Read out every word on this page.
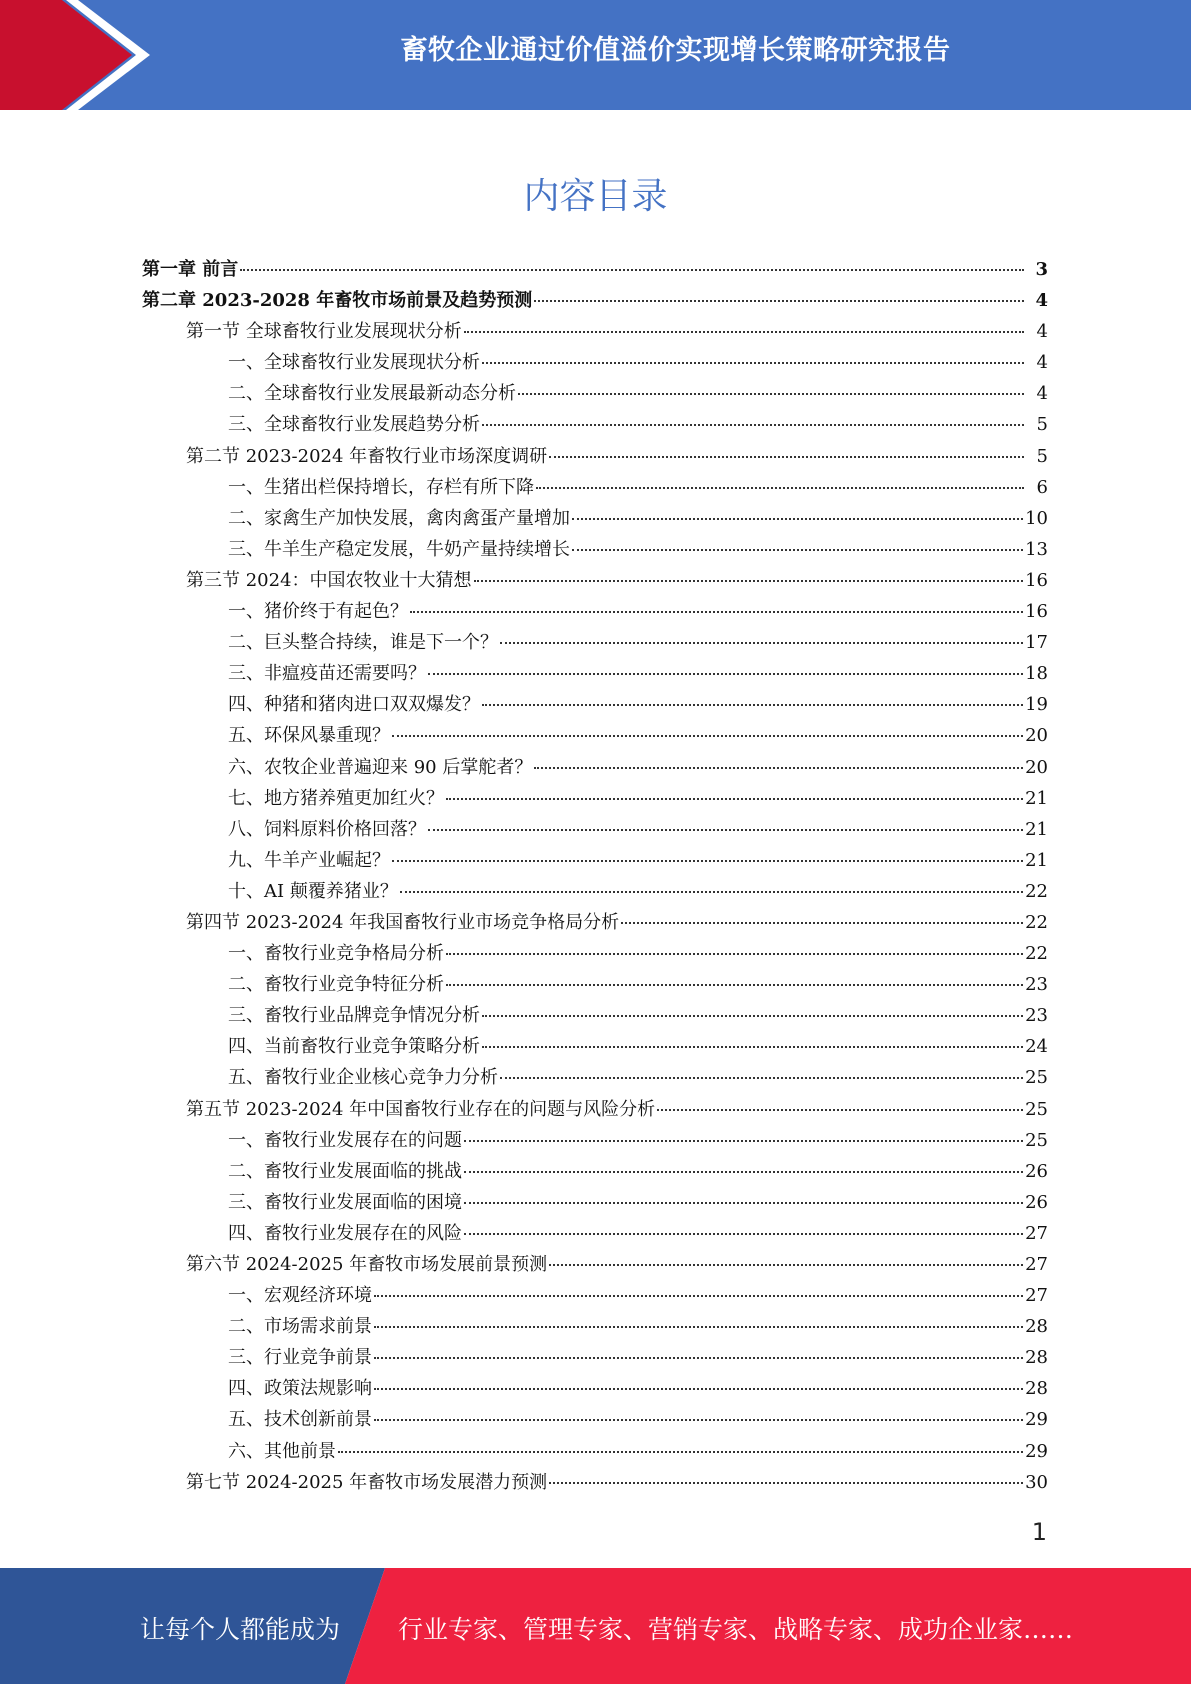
畜牧企业通过价值溢价实现增长策略研究报告
内容目录
第一章 前言	3
第二章 2023-2028 年畜牧市场前景及趋势预测	4
第一节 全球畜牧行业发展现状分析	4
一、全球畜牧行业发展现状分析	4
二、全球畜牧行业发展最新动态分析	4
三、全球畜牧行业发展趋势分析	5
第二节 2023-2024 年畜牧行业市场深度调研	5
一、生猪出栏保持增长，存栏有所下降	6
二、家禽生产加快发展，禽肉禽蛋产量增加	10
三、牛羊生产稳定发展，牛奶产量持续增长	13
第三节 2024：中国农牧业十大猜想	16
一、猪价终于有起色？	16
二、巨头整合持续，谁是下一个？	17
三、非瘟疫苗还需要吗？	18
四、种猪和猪肉进口双双爆发？	19
五、环保风暴重现？	20
六、农牧企业普遍迎来 90 后掌舵者？	20
七、地方猪养殖更加红火？	21
八、饲料原料价格回落？	21
九、牛羊产业崛起？	21
十、AI 颠覆养猪业？	22
第四节 2023-2024 年我国畜牧行业市场竞争格局分析	22
一、畜牧行业竞争格局分析	22
二、畜牧行业竞争特征分析	23
三、畜牧行业品牌竞争情况分析	23
四、当前畜牧行业竞争策略分析	24
五、畜牧行业企业核心竞争力分析	25
第五节 2023-2024 年中国畜牧行业存在的问题与风险分析	25
一、畜牧行业发展存在的问题	25
二、畜牧行业发展面临的挑战	26
三、畜牧行业发展面临的困境	26
四、畜牧行业发展存在的风险	27
第六节 2024-2025 年畜牧市场发展前景预测	27
一、宏观经济环境	27
二、市场需求前景	28
三、行业竞争前景	28
四、政策法规影响	28
五、技术创新前景	29
六、其他前景	29
第七节 2024-2025 年畜牧市场发展潜力预测	30
1
让每个人都能成为 行业专家、管理专家、营销专家、战略专家、成功企业家……
